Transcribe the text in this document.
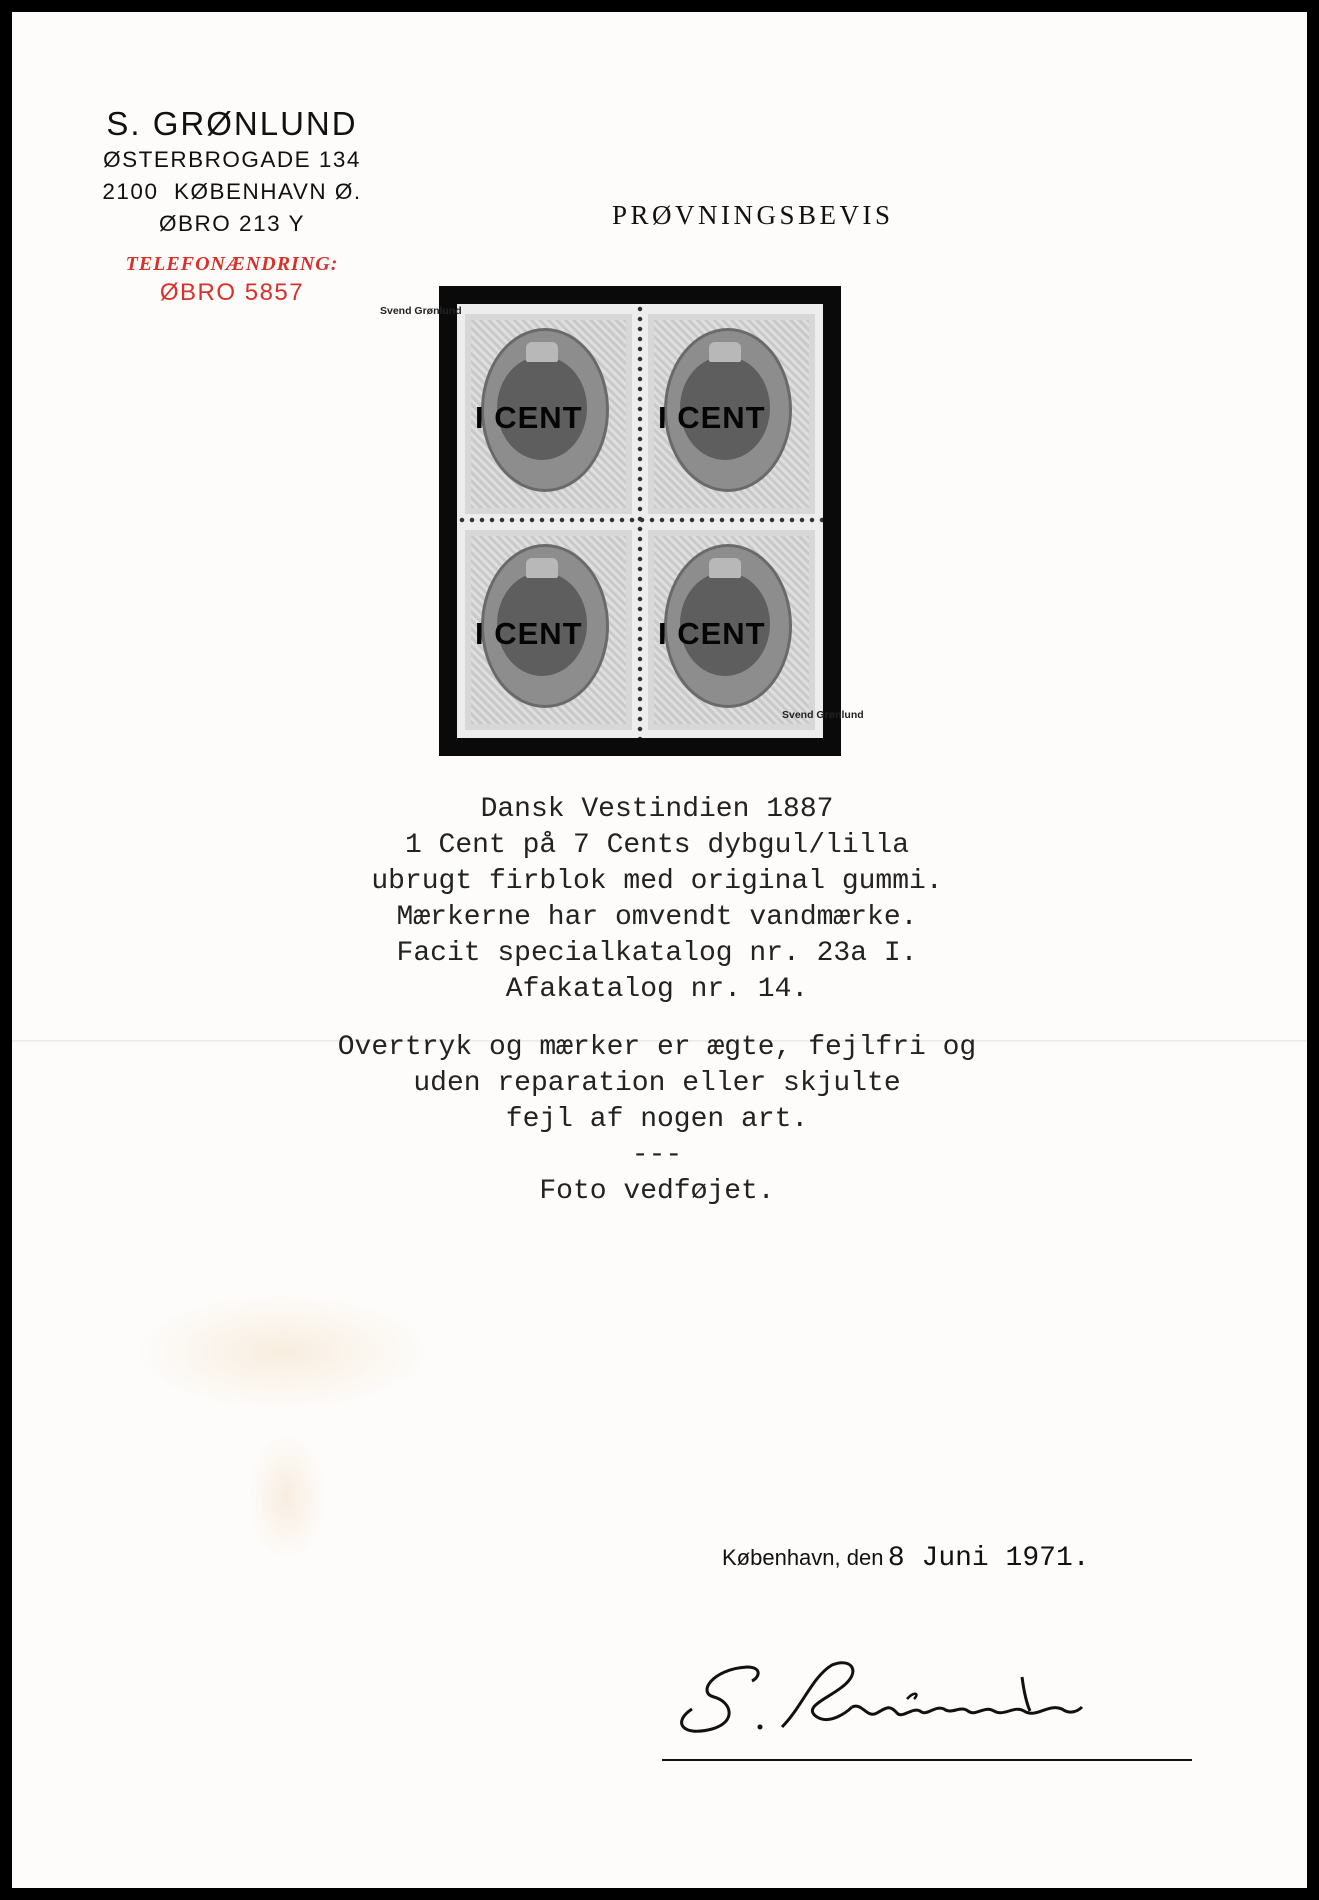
S. GRØNLUND
ØSTERBROGADE 134
2100  KØBENHAVN Ø.
ØBRO 213 Y
TELEFONÆNDRING:
ØBRO 5857
PRØVNINGSBEVIS
I CENT I CENT
I CENT I CENT
Svend Grønlund
Svend Grønlund
Dansk Vestindien 1887
1 Cent på 7 Cents dybgul/lilla
ubrugt firblok med original gummi.
Mærkerne har omvendt vandmærke.
Facit specialkatalog nr. 23a I.
Afakatalog nr. 14.
Overtryk og mærker er ægte, fejlfri og
uden reparation eller skjulte
fejl af nogen art.
---
Foto vedføjet.
København, den 8 Juni 1971.
